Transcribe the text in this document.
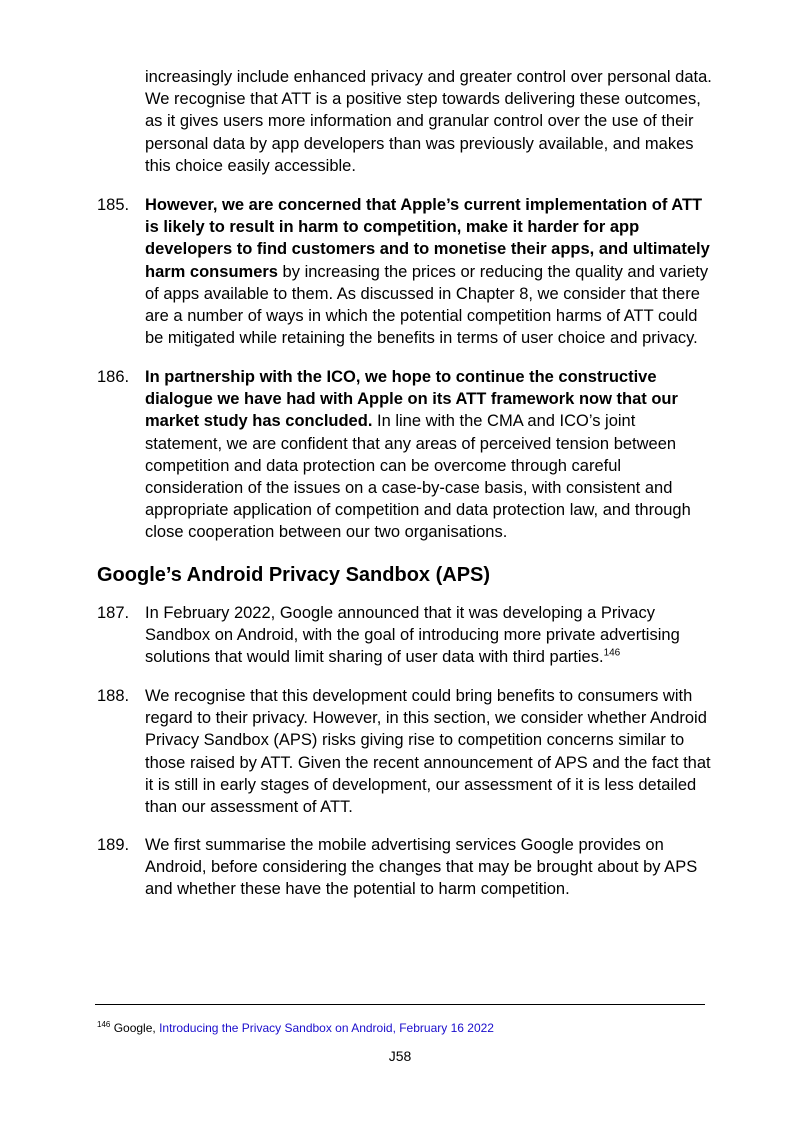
increasingly include enhanced privacy and greater control over personal data. We recognise that ATT is a positive step towards delivering these outcomes, as it gives users more information and granular control over the use of their personal data by app developers than was previously available, and makes this choice easily accessible.

185. However, we are concerned that Apple’s current implementation of ATT is likely to result in harm to competition, make it harder for app developers to find customers and to monetise their apps, and ultimately harm consumers by increasing the prices or reducing the quality and variety of apps available to them. As discussed in Chapter 8, we consider that there are a number of ways in which the potential competition harms of ATT could be mitigated while retaining the benefits in terms of user choice and privacy.
186. In partnership with the ICO, we hope to continue the constructive dialogue we have had with Apple on its ATT framework now that our market study has concluded. In line with the CMA and ICO’s joint statement, we are confident that any areas of perceived tension between competition and data protection can be overcome through careful consideration of the issues on a case-by-case basis, with consistent and appropriate application of competition and data protection law, and through close cooperation between our two organisations.
Google’s Android Privacy Sandbox (APS)
187. In February 2022, Google announced that it was developing a Privacy Sandbox on Android, with the goal of introducing more private advertising solutions that would limit sharing of user data with third parties.$^{146}$
188. We recognise that this development could bring benefits to consumers with regard to their privacy. However, in this section, we consider whether Android Privacy Sandbox (APS) risks giving rise to competition concerns similar to those raised by ATT. Given the recent announcement of APS and the fact that it is still in early stages of development, our assessment of it is less detailed than our assessment of ATT.
189. We first summarise the mobile advertising services Google provides on Android, before considering the changes that may be brought about by APS and whether these have the potential to harm competition.
$^{146}$ Google, Introducing the Privacy Sandbox on Android, February 16 2022
J58
